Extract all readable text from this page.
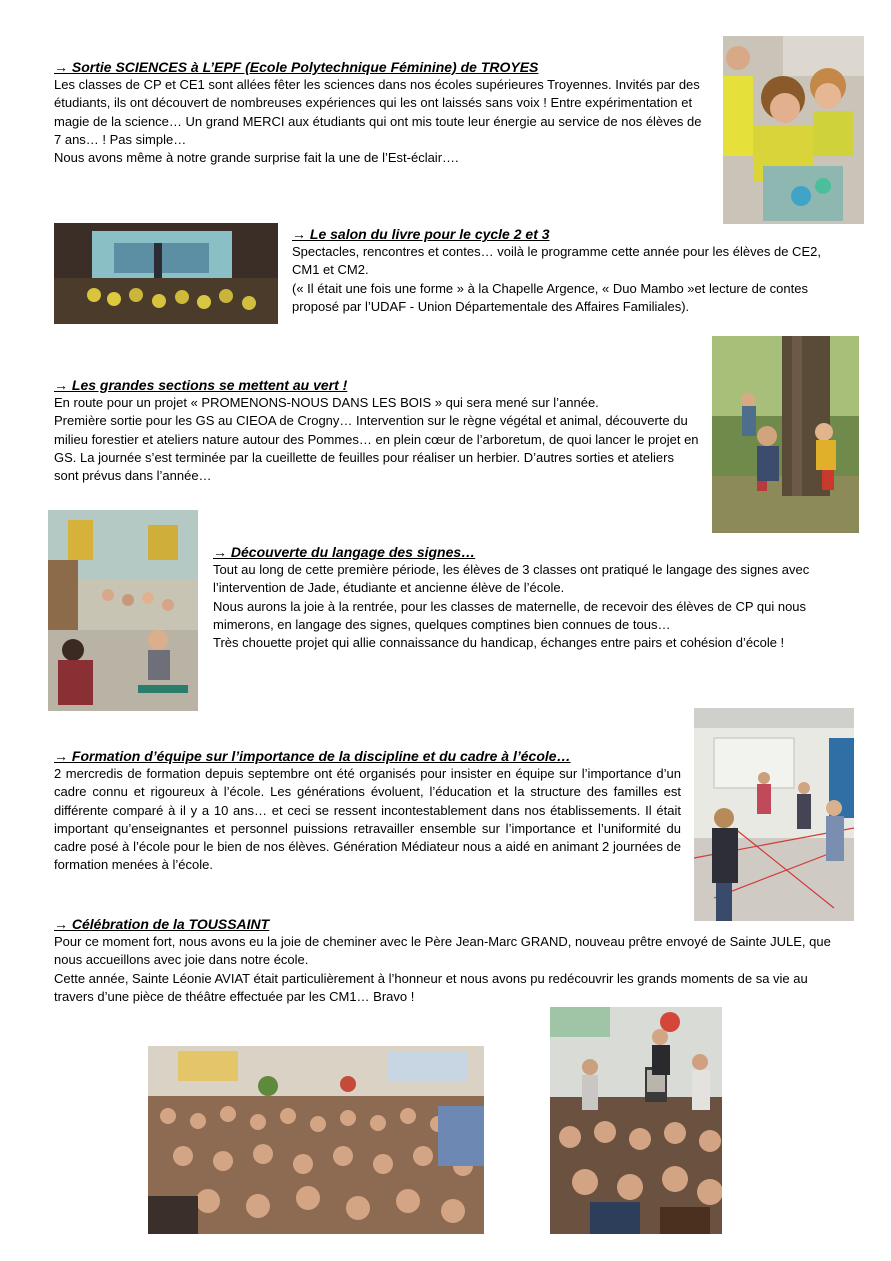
→ Sortie SCIENCES à L’EPF (Ecole Polytechnique Féminine) de TROYES

Les classes de CP et CE1 sont allées fêter les sciences dans nos écoles supérieures Troyennes. Invités par des étudiants, ils ont découvert de nombreuses expériences qui les ont laissés sans voix ! Entre expérimentation et magie de la science… Un grand MERCI aux étudiants qui ont mis toute leur énergie au service de nos élèves de 7 ans… ! Pas simple…

Nous avons même à notre grande surprise fait la une de l’Est-éclair….

→ Le salon du livre pour le cycle 2 et 3

Spectacles, rencontres et contes… voilà le programme cette année pour les élèves de CE2, CM1 et CM2.

(« Il était une fois une forme » à la Chapelle Argence, « Duo Mambo »et lecture de contes proposé par l’UDAF - Union Départementale des Affaires Familiales).

→ Les grandes sections se mettent au vert !

En route pour un projet « PROMENONS-NOUS DANS LES BOIS » qui sera mené sur l’année.

Première sortie pour les GS au CIEOA de Crogny… Intervention sur le règne végétal et animal, découverte du milieu forestier et ateliers nature autour des Pommes… en plein cœur de l’arboretum, de quoi lancer le projet en GS. La journée s’est terminée par la cueillette de feuilles pour réaliser un herbier. D’autres sorties et ateliers sont prévus dans l’année…

→ Découverte du langage des signes…

Tout au long de cette première période, les élèves de 3 classes ont pratiqué le langage des signes avec l’intervention de Jade, étudiante et ancienne élève de l’école.

Nous aurons la joie à la rentrée, pour les classes de maternelle, de recevoir des élèves de CP qui nous mimerons, en langage des signes, quelques comptines bien connues de tous…

Très chouette projet qui allie connaissance du handicap, échanges entre pairs et cohésion d’école !

→ Formation d’équipe sur l’importance de la discipline et du cadre à l’école…

2 mercredis de formation depuis septembre ont été organisés pour insister en équipe sur l’importance d’un cadre connu et rigoureux à l’école. Les générations évoluent, l’éducation et la structure des familles est différente comparé à il y a 10 ans… et ceci se ressent incontestablement dans nos établissements. Il était important qu’enseignantes et personnel puissions retravailler ensemble sur l’importance et l’uniformité du cadre posé à l’école pour le bien de nos élèves. Génération Médiateur nous a aidé en animant 2 journées de formation menées à l’école.

→ Célébration de la TOUSSAINT

Pour ce moment fort, nous avons eu la joie de cheminer avec le Père Jean-Marc GRAND, nouveau prêtre envoyé de Sainte JULE, que nous accueillons avec joie dans notre école.

Cette année, Sainte Léonie AVIAT était particulièrement à l’honneur et nous avons pu redécouvrir les grands moments de sa vie au travers d’une pièce de théâtre effectuée par les CM1… Bravo !
